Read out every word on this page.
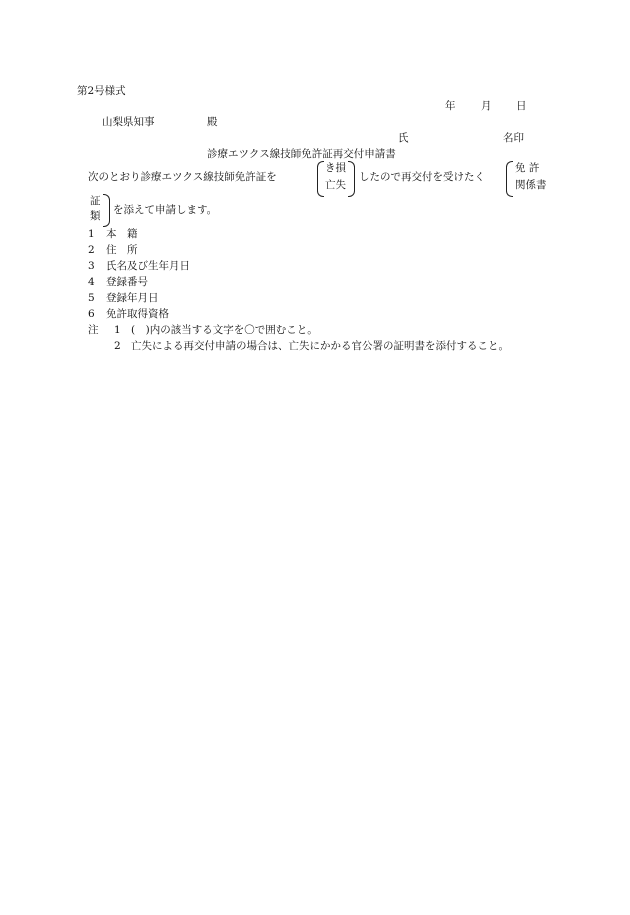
第2号様式
年 月 日
山梨県知事	殿
氏	名印
診療エツクス線技師免許証再交付申請書
次のとおり診療エツクス線技師免許証を
き損
亡失
したので再交付を受けたく
免 許
関係書
証
類 を添えて申請します。
1 本　籍
2 住　所
3 氏名及び生年月日
4 登録番号
5 登録年月日
6 免許取得資格
注 1 (　)内の該当する文字を〇で囲むこと。
2 亡失による再交付申請の場合は、亡失にかかる官公署の証明書を添付すること。
